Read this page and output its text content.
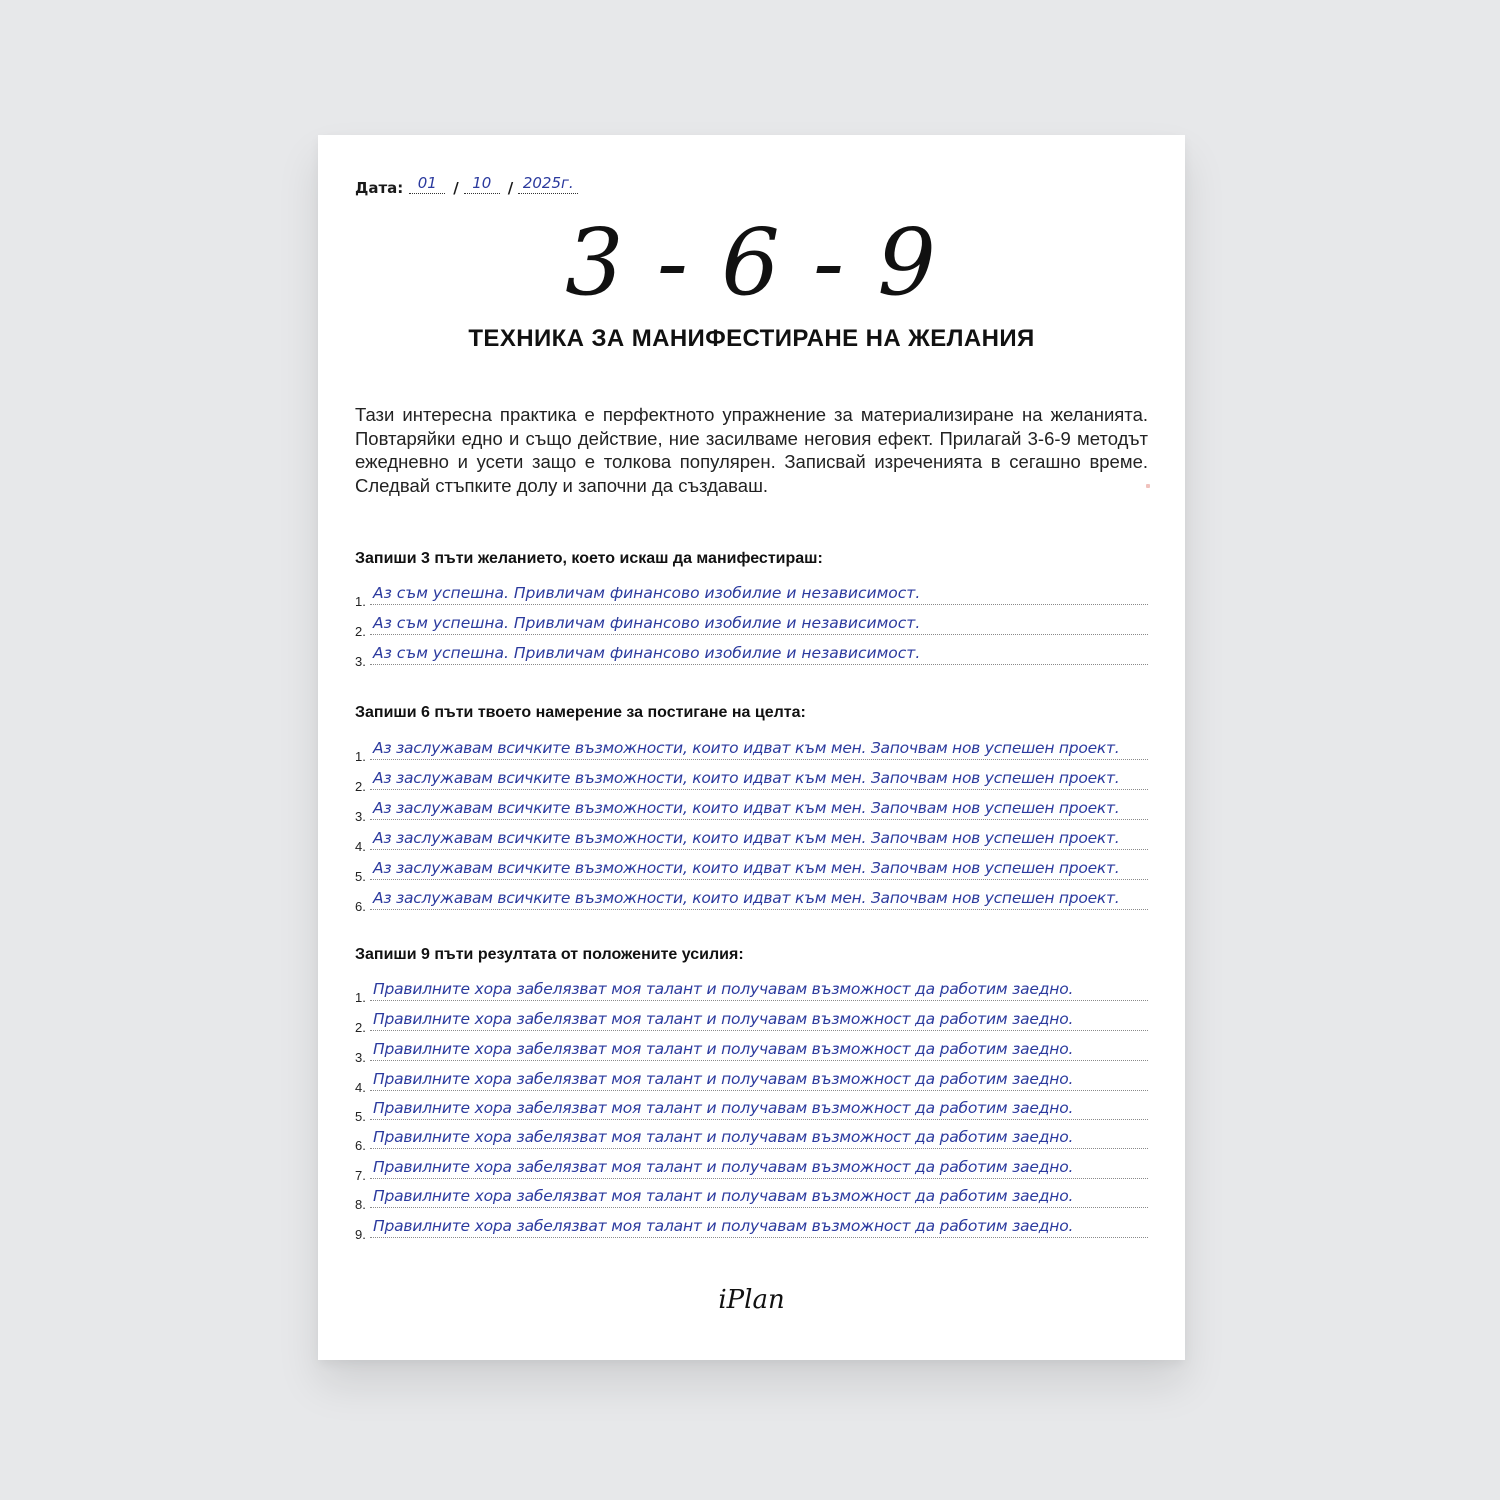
Дата: 01	/ 10	/ 2025г.
3 - 6 - 9
ТЕХНИКА ЗА МАНИФЕСТИРАНЕ НА ЖЕЛАНИЯ
Тази интересна практика е перфектното упражнение за материализиране на желанията. Повтаряйки едно и също действие, ние засилваме неговия ефект. Прилагай 3-6-9 методът ежедневно и усети защо е толкова популярен. Записвай изреченията в сегашно време. Следвай стъпките долу и започни да създаваш.
Запиши 3 пъти желанието, което искаш да манифестираш:
1. Аз съм успешна. Привличам финансово изобилие и независимост.
2. Аз съм успешна. Привличам финансово изобилие и независимост.
3. Аз съм успешна. Привличам финансово изобилие и независимост.
Запиши 6 пъти твоето намерение за постигане на целта:
1. Аз заслужавам всичките възможности, които идват към мен. Започвам нов успешен проект.
2. Аз заслужавам всичките възможности, които идват към мен. Започвам нов успешен проект.
3. Аз заслужавам всичките възможности, които идват към мен. Започвам нов успешен проект.
4. Аз заслужавам всичките възможности, които идват към мен. Започвам нов успешен проект.
5. Аз заслужавам всичките възможности, които идват към мен. Започвам нов успешен проект.
6. Аз заслужавам всичките възможности, които идват към мен. Започвам нов успешен проект.
Запиши 9 пъти резултата от положените усилия:
1. Правилните хора забелязват моя талант и получавам възможност да работим заедно.
2. Правилните хора забелязват моя талант и получавам възможност да работим заедно.
3. Правилните хора забелязват моя талант и получавам възможност да работим заедно.
4. Правилните хора забелязват моя талант и получавам възможност да работим заедно.
5. Правилните хора забелязват моя талант и получавам възможност да работим заедно.
6. Правилните хора забелязват моя талант и получавам възможност да работим заедно.
7. Правилните хора забелязват моя талант и получавам възможност да работим заедно.
8. Правилните хора забелязват моя талант и получавам възможност да работим заедно.
9. Правилните хора забелязват моя талант и получавам възможност да работим заедно.
iPlan
